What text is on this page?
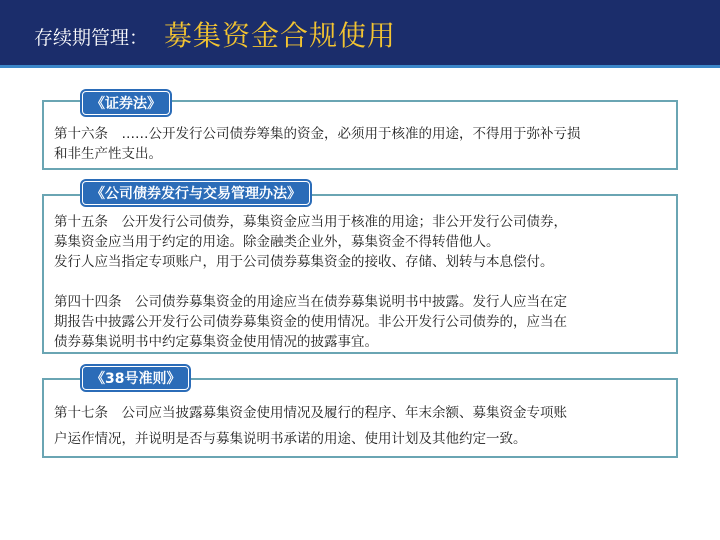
存续期管理： 募集资金合规使用
第十六条　……公开发行公司债券筹集的资金，必须用于核准的用途，不得用于弥补亏损
和非生产性支出。
《证券法》
第十五条　公开发行公司债券，募集资金应当用于核准的用途；非公开发行公司债券，
募集资金应当用于约定的用途。除金融类企业外，募集资金不得转借他人。
发行人应当指定专项账户，用于公司债券募集资金的接收、存储、划转与本息偿付。
第四十四条　公司债券募集资金的用途应当在债券募集说明书中披露。发行人应当在定
期报告中披露公开发行公司债券募集资金的使用情况。非公开发行公司债券的，应当在
债券募集说明书中约定募集资金使用情况的披露事宜。
《公司债券发行与交易管理办法》
第十七条　公司应当披露募集资金使用情况及履行的程序、年末余额、募集资金专项账
户运作情况，并说明是否与募集说明书承诺的用途、使用计划及其他约定一致。
《38号准则》
